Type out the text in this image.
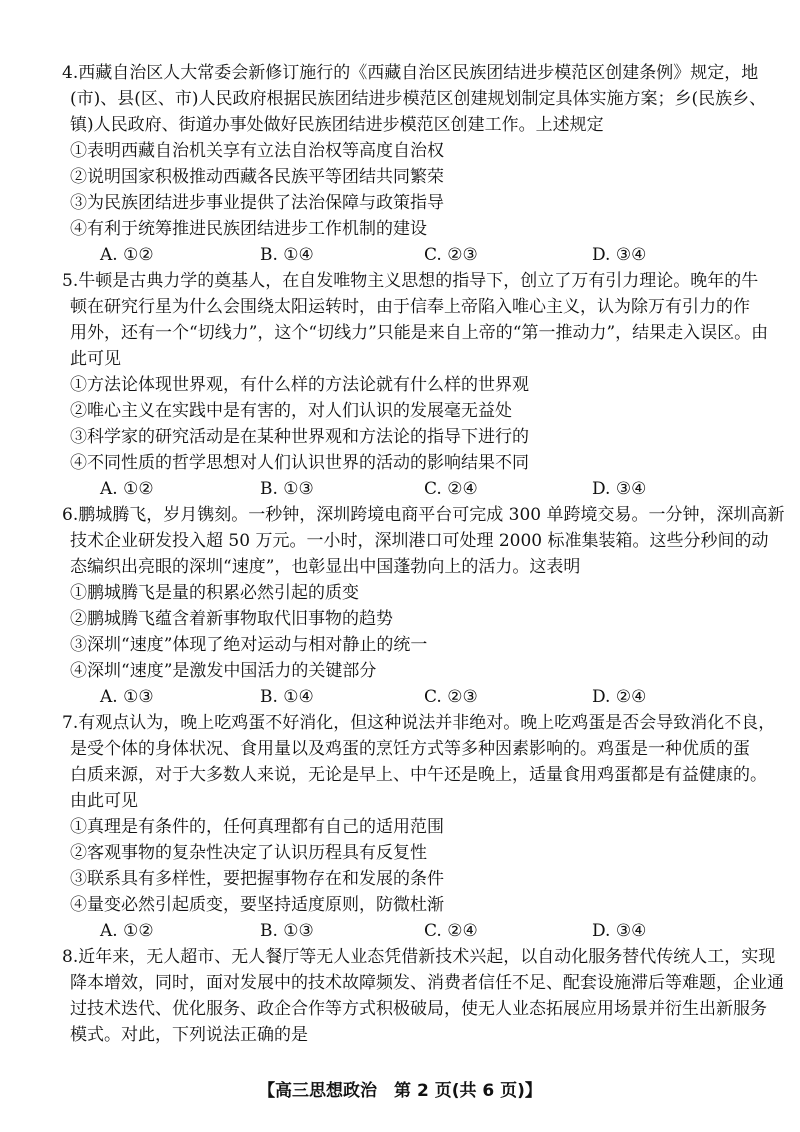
4.西藏自治区人大常委会新修订施行的《西藏自治区民族团结进步模范区创建条例》规定，地
(市)、县(区、市)人民政府根据民族团结进步模范区创建规划制定具体实施方案；乡(民族乡、
镇)人民政府、街道办事处做好民族团结进步模范区创建工作。上述规定
①表明西藏自治机关享有立法自治权等高度自治权
②说明国家积极推动西藏各民族平等团结共同繁荣
③为民族团结进步事业提供了法治保障与政策指导
④有利于统筹推进民族团结进步工作机制的建设
A. ①②	B. ①④	C. ②③	D. ③④
5.牛顿是古典力学的奠基人，在自发唯物主义思想的指导下，创立了万有引力理论。晚年的牛
顿在研究行星为什么会围绕太阳运转时，由于信奉上帝陷入唯心主义，认为除万有引力的作
用外，还有一个“切线力”，这个“切线力”只能是来自上帝的“第一推动力”，结果走入误区。由
此可见
①方法论体现世界观，有什么样的方法论就有什么样的世界观
②唯心主义在实践中是有害的，对人们认识的发展毫无益处
③科学家的研究活动是在某种世界观和方法论的指导下进行的
④不同性质的哲学思想对人们认识世界的活动的影响结果不同
A. ①②	B. ①③	C. ②④	D. ③④
6.鹏城腾飞，岁月镌刻。一秒钟，深圳跨境电商平台可完成 300 单跨境交易。一分钟，深圳高新
技术企业研发投入超 50 万元。一小时，深圳港口可处理 2000 标准集装箱。这些分秒间的动
态编织出亮眼的深圳“速度”，也彰显出中国蓬勃向上的活力。这表明
①鹏城腾飞是量的积累必然引起的质变
②鹏城腾飞蕴含着新事物取代旧事物的趋势
③深圳“速度”体现了绝对运动与相对静止的统一
④深圳“速度”是激发中国活力的关键部分
A. ①③	B. ①④	C. ②③	D. ②④
7.有观点认为，晚上吃鸡蛋不好消化，但这种说法并非绝对。晚上吃鸡蛋是否会导致消化不良，
是受个体的身体状况、食用量以及鸡蛋的烹饪方式等多种因素影响的。鸡蛋是一种优质的蛋
白质来源，对于大多数人来说，无论是早上、中午还是晚上，适量食用鸡蛋都是有益健康的。
由此可见
①真理是有条件的，任何真理都有自己的适用范围
②客观事物的复杂性决定了认识历程具有反复性
③联系具有多样性，要把握事物存在和发展的条件
④量变必然引起质变，要坚持适度原则，防微杜渐
A. ①②	B. ①③	C. ②④	D. ③④
8.近年来，无人超市、无人餐厅等无人业态凭借新技术兴起，以自动化服务替代传统人工，实现
降本增效，同时，面对发展中的技术故障频发、消费者信任不足、配套设施滞后等难题，企业通
过技术迭代、优化服务、政企合作等方式积极破局，使无人业态拓展应用场景并衍生出新服务
模式。对此，下列说法正确的是
【高三思想政治　第 2 页(共 6 页)】
